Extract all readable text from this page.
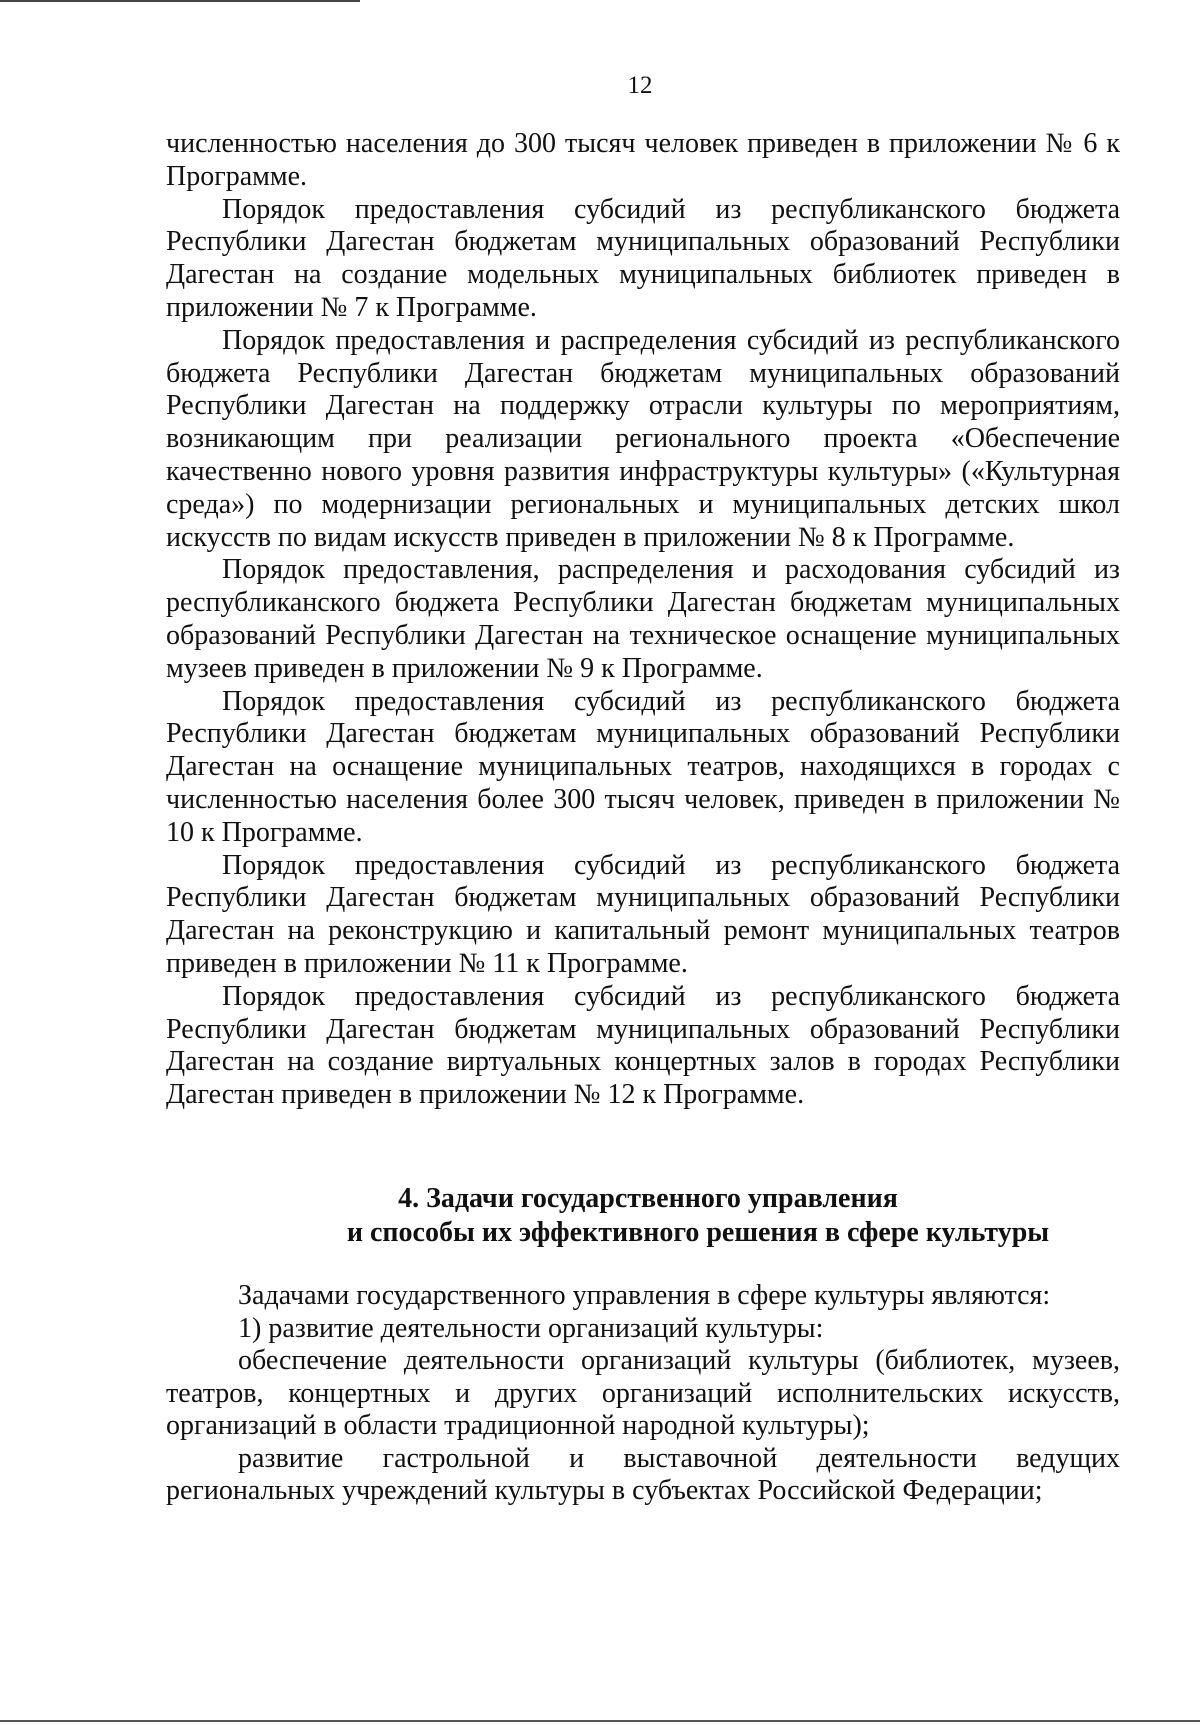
12

численностью населения до 300 тысяч человек приведен в приложении № 6 к Программе.

Порядок предоставления субсидий из республиканского бюджета Республики Дагестан бюджетам муниципальных образований Республики Дагестан на создание модельных муниципальных библиотек приведен в приложении № 7 к Программе.

Порядок предоставления и распределения субсидий из республиканского бюджета Республики Дагестан бюджетам муниципальных образований Республики Дагестан на поддержку отрасли культуры по мероприятиям, возникающим при реализации регионального проекта «Обеспечение качественно нового уровня развития инфраструктуры культуры» («Культурная среда») по модернизации региональных и муниципальных детских школ искусств по видам искусств приведен в приложении № 8 к Программе.

Порядок предоставления, распределения и расходования субсидий из республиканского бюджета Республики Дагестан бюджетам муниципальных образований Республики Дагестан на техническое оснащение муниципальных музеев приведен в приложении № 9 к Программе.

Порядок предоставления субсидий из республиканского бюджета Республики Дагестан бюджетам муниципальных образований Республики Дагестан на оснащение муниципальных театров, находящихся в городах с численностью населения более 300 тысяч человек, приведен в приложении № 10 к Программе.

Порядок предоставления субсидий из республиканского бюджета Республики Дагестан бюджетам муниципальных образований Республики Дагестан на реконструкцию и капитальный ремонт муниципальных театров приведен в приложении № 11 к Программе.

Порядок предоставления субсидий из республиканского бюджета Республики Дагестан бюджетам муниципальных образований Республики Дагестан на создание виртуальных концертных залов в городах Республики Дагестан приведен в приложении № 12 к Программе.

4. Задачи государственного управления
и способы их эффективного решения в сфере культуры

Задачами государственного управления в сфере культуры являются:

1) развитие деятельности организаций культуры:

обеспечение деятельности организаций культуры (библиотек, музеев, театров, концертных и других организаций исполнительских искусств, организаций в области традиционной народной культуры);

развитие гастрольной и выставочной деятельности ведущих региональных учреждений культуры в субъектах Российской Федерации;
